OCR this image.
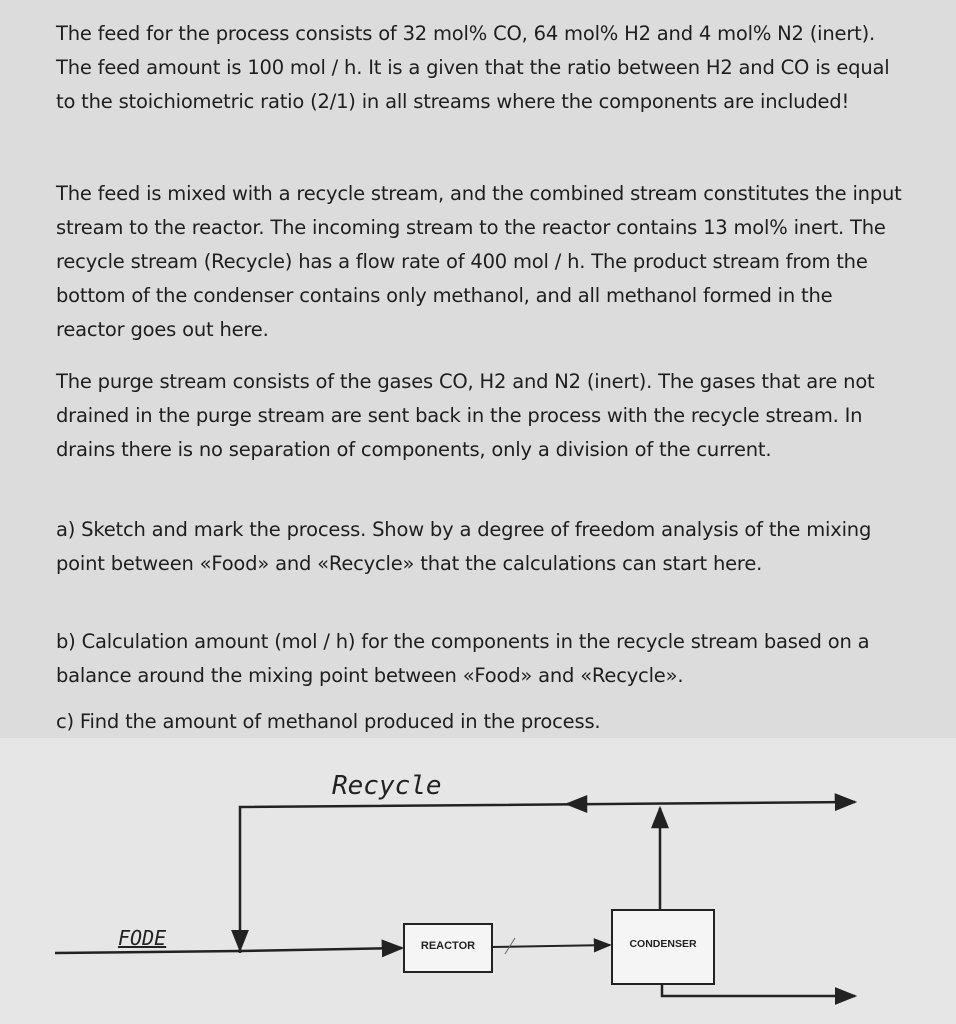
The feed for the process consists of 32 mol% CO, 64 mol% H2 and 4 mol% N2 (inert). The feed amount is 100 mol / h. It is a given that the ratio between H2 and CO is equal to the stoichiometric ratio (2/1) in all streams where the components are included!
The feed is mixed with a recycle stream, and the combined stream constitutes the input stream to the reactor. The incoming stream to the reactor contains 13 mol% inert. The recycle stream (Recycle) has a flow rate of 400 mol / h. The product stream from the bottom of the condenser contains only methanol, and all methanol formed in the reactor goes out here.
The purge stream consists of the gases CO, H2 and N2 (inert). The gases that are not drained in the purge stream are sent back in the process with the recycle stream. In drains there is no separation of components, only a division of the current.
a) Sketch and mark the process. Show by a degree of freedom analysis of the mixing point between «Food» and «Recycle» that the calculations can start here.
b) Calculation amount (mol / h) for the components in the recycle stream based on a balance around the mixing point between «Food» and «Recycle».
c) Find the amount of methanol produced in the process.
Recycle
FODE	REACTOR	CONDENSER
